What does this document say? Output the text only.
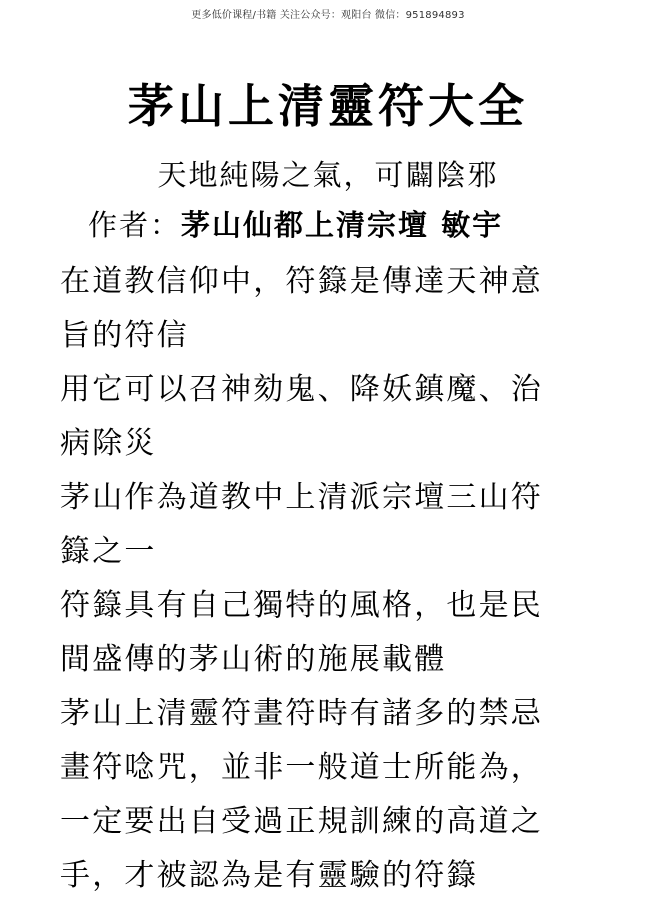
更多低价课程/书籍 关注公众号：观阳台 微信：951894893
茅山上清靈符大全
天地純陽之氣，可闢陰邪
作者：茅山仙都上清宗壇 敏宇
在道教信仰中，符籙是傳達天神意
旨的符信
用它可以召神劾鬼、降妖鎮魔、治
病除災
茅山作為道教中上清派宗壇三山符
籙之一
符籙具有自己獨特的風格，也是民
間盛傳的茅山術的施展載體
茅山上清靈符畫符時有諸多的禁忌
畫符唸咒，並非一般道士所能為，
一定要出自受過正規訓練的高道之
手，才被認為是有靈驗的符籙
